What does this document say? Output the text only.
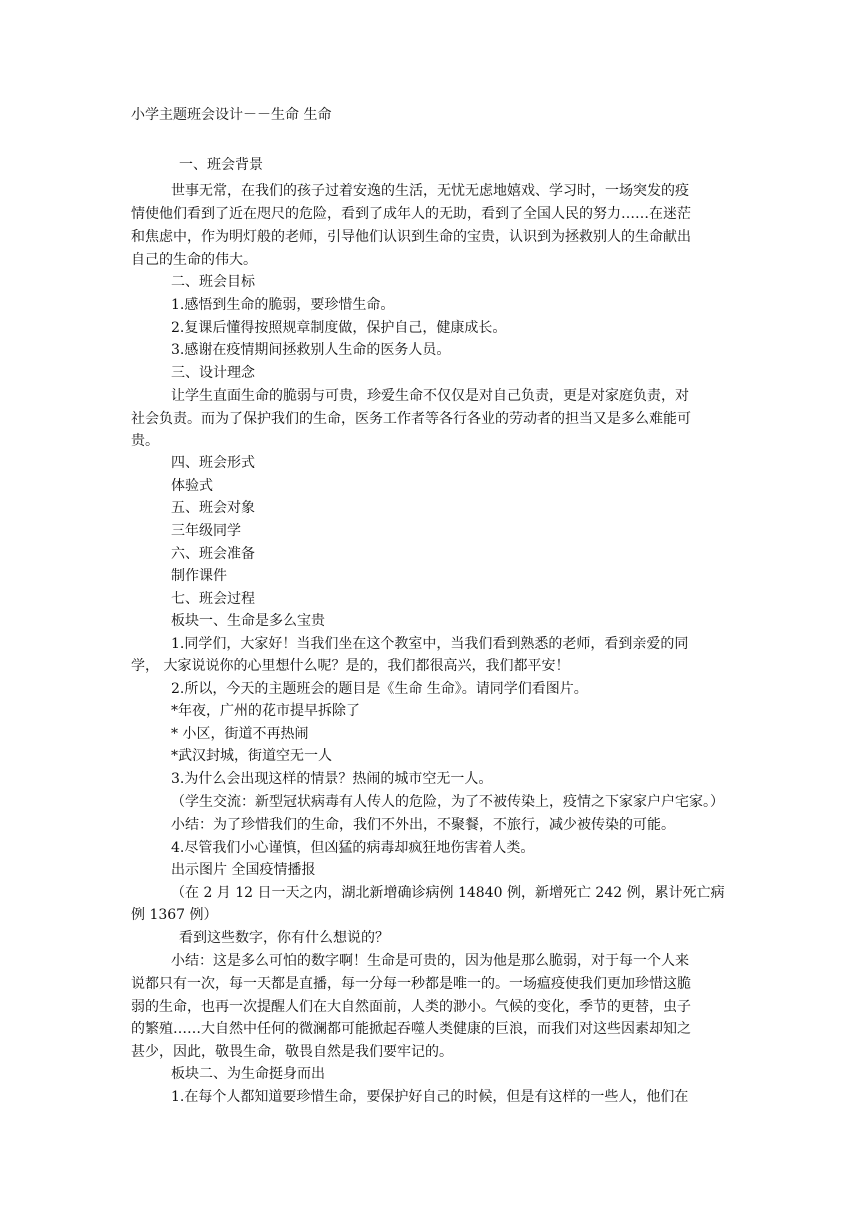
小学主题班会设计－－生命 生命
一、班会背景
世事无常，在我们的孩子过着安逸的生活，无忧无虑地嬉戏、学习时，一场突发的疫
情使他们看到了近在咫尺的危险，看到了成年人的无助，看到了全国人民的努力……在迷茫
和焦虑中，作为明灯般的老师，引导他们认识到生命的宝贵，认识到为拯救别人的生命献出
自己的生命的伟大。
二、班会目标
1.感悟到生命的脆弱，要珍惜生命。
2.复课后懂得按照规章制度做，保护自己，健康成长。
3.感谢在疫情期间拯救别人生命的医务人员。
三、设计理念
让学生直面生命的脆弱与可贵，珍爱生命不仅仅是对自己负责，更是对家庭负责，对
社会负责。而为了保护我们的生命，医务工作者等各行各业的劳动者的担当又是多么难能可
贵。
四、班会形式
体验式
五、班会对象
三年级同学
六、班会准备
制作课件
七、班会过程
板块一、生命是多么宝贵
1.同学们，大家好！当我们坐在这个教室中，当我们看到熟悉的老师，看到亲爱的同
学， 大家说说你的心里想什么呢？是的，我们都很高兴，我们都平安！
2.所以，今天的主题班会的题目是《生命 生命》。请同学们看图片。
*年夜，广州的花市提早拆除了
* 小区，街道不再热闹
*武汉封城，街道空无一人
3.为什么会出现这样的情景？热闹的城市空无一人。
（学生交流：新型冠状病毒有人传人的危险，为了不被传染上，疫情之下家家户户宅家。）
小结：为了珍惜我们的生命，我们不外出，不聚餐，不旅行，减少被传染的可能。
4.尽管我们小心谨慎，但凶猛的病毒却疯狂地伤害着人类。
出示图片 全国疫情播报
（在 2 月 12 日一天之内，湖北新增确诊病例 14840 例，新增死亡 242 例，累计死亡病
例 1367 例）
看到这些数字，你有什么想说的？
小结：这是多么可怕的数字啊！生命是可贵的，因为他是那么脆弱，对于每一个人来
说都只有一次，每一天都是直播，每一分每一秒都是唯一的。一场瘟疫使我们更加珍惜这脆
弱的生命，也再一次提醒人们在大自然面前，人类的渺小。气候的变化，季节的更替，虫子
的繁殖……大自然中任何的微澜都可能掀起吞噬人类健康的巨浪，而我们对这些因素却知之
甚少，因此，敬畏生命，敬畏自然是我们要牢记的。
板块二、为生命挺身而出
1.在每个人都知道要珍惜生命，要保护好自己的时候，但是有这样的一些人，他们在
